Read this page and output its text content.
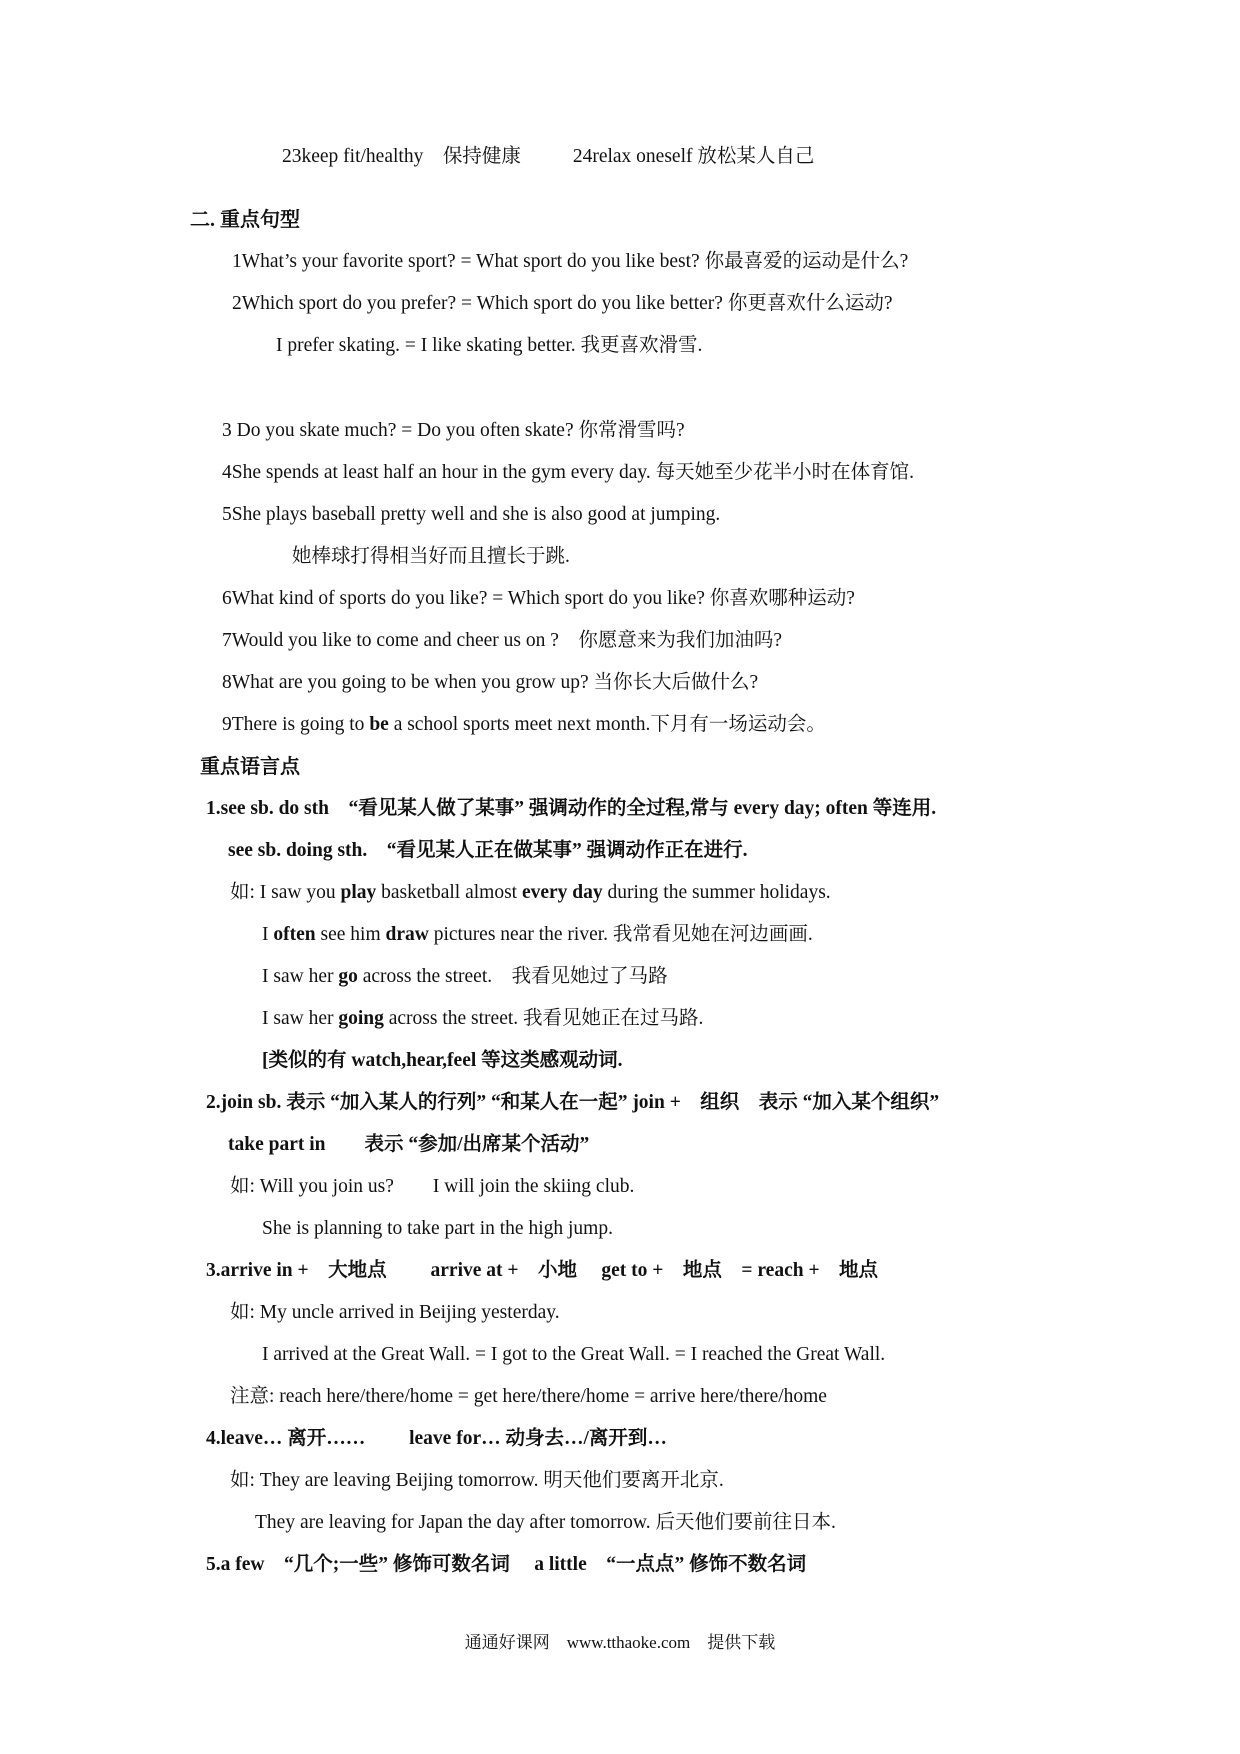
23keep fit/healthy　保持健康	24relax oneself 放松某人自己
二. 重点句型
1What’s your favorite sport? = What sport do you like best? 你最喜爱的运动是什么?
2Which sport do you prefer? = Which sport do you like better? 你更喜欢什么运动?
I prefer skating. = I like skating better. 我更喜欢滑雪.
3 Do you skate much? = Do you often skate? 你常滑雪吗?
4She spends at least half an hour in the gym every day. 每天她至少花半小时在体育馆.
5She plays baseball pretty well and she is also good at jumping.
她棒球打得相当好而且擅长于跳.
6What kind of sports do you like? = Which sport do you like? 你喜欢哪种运动?
7Would you like to come and cheer us on ?　你愿意来为我们加油吗?
8What are you going to be when you grow up? 当你长大后做什么?
9There is going to be a school sports meet next month.下月有一场运动会。
重点语言点
1.see sb. do sth　“看见某人做了某事” 强调动作的全过程,常与 every day; often 等连用.
see sb. doing sth.　“看见某人正在做某事” 强调动作正在进行.
如: I saw you play basketball almost every day during the summer holidays.
I often see him draw pictures near the river. 我常看见她在河边画画.
I saw her go across the street.　我看见她过了马路
I saw her going across the street. 我看见她正在过马路.
[类似的有 watch,hear,feel 等这类感观动词.
2.join sb. 表示 “加入某人的行列” “和某人在一起” join +　组织　表示 “加入某个组织”
take part in　　表示 “参加/出席某个活动”
如: Will you join us?　　I will join the skiing club.
She is planning to take part in the high jump.
3.arrive in +　大地点　　 arrive at +　小地　 get to +　地点　= reach +　地点
如: My uncle arrived in Beijing yesterday.
I arrived at the Great Wall. = I got to the Great Wall. = I reached the Great Wall.
注意: reach here/there/home = get here/there/home = arrive here/there/home
4.leave… 离开……　　 leave for… 动身去…/离开到…
如: They are leaving Beijing tomorrow. 明天他们要离开北京.
They are leaving for Japan the day after tomorrow. 后天他们要前往日本.
5.a few　“几个;一些” 修饰可数名词　 a little　“一点点” 修饰不数名词
通通好课网　www.tthaoke.com　提供下载
